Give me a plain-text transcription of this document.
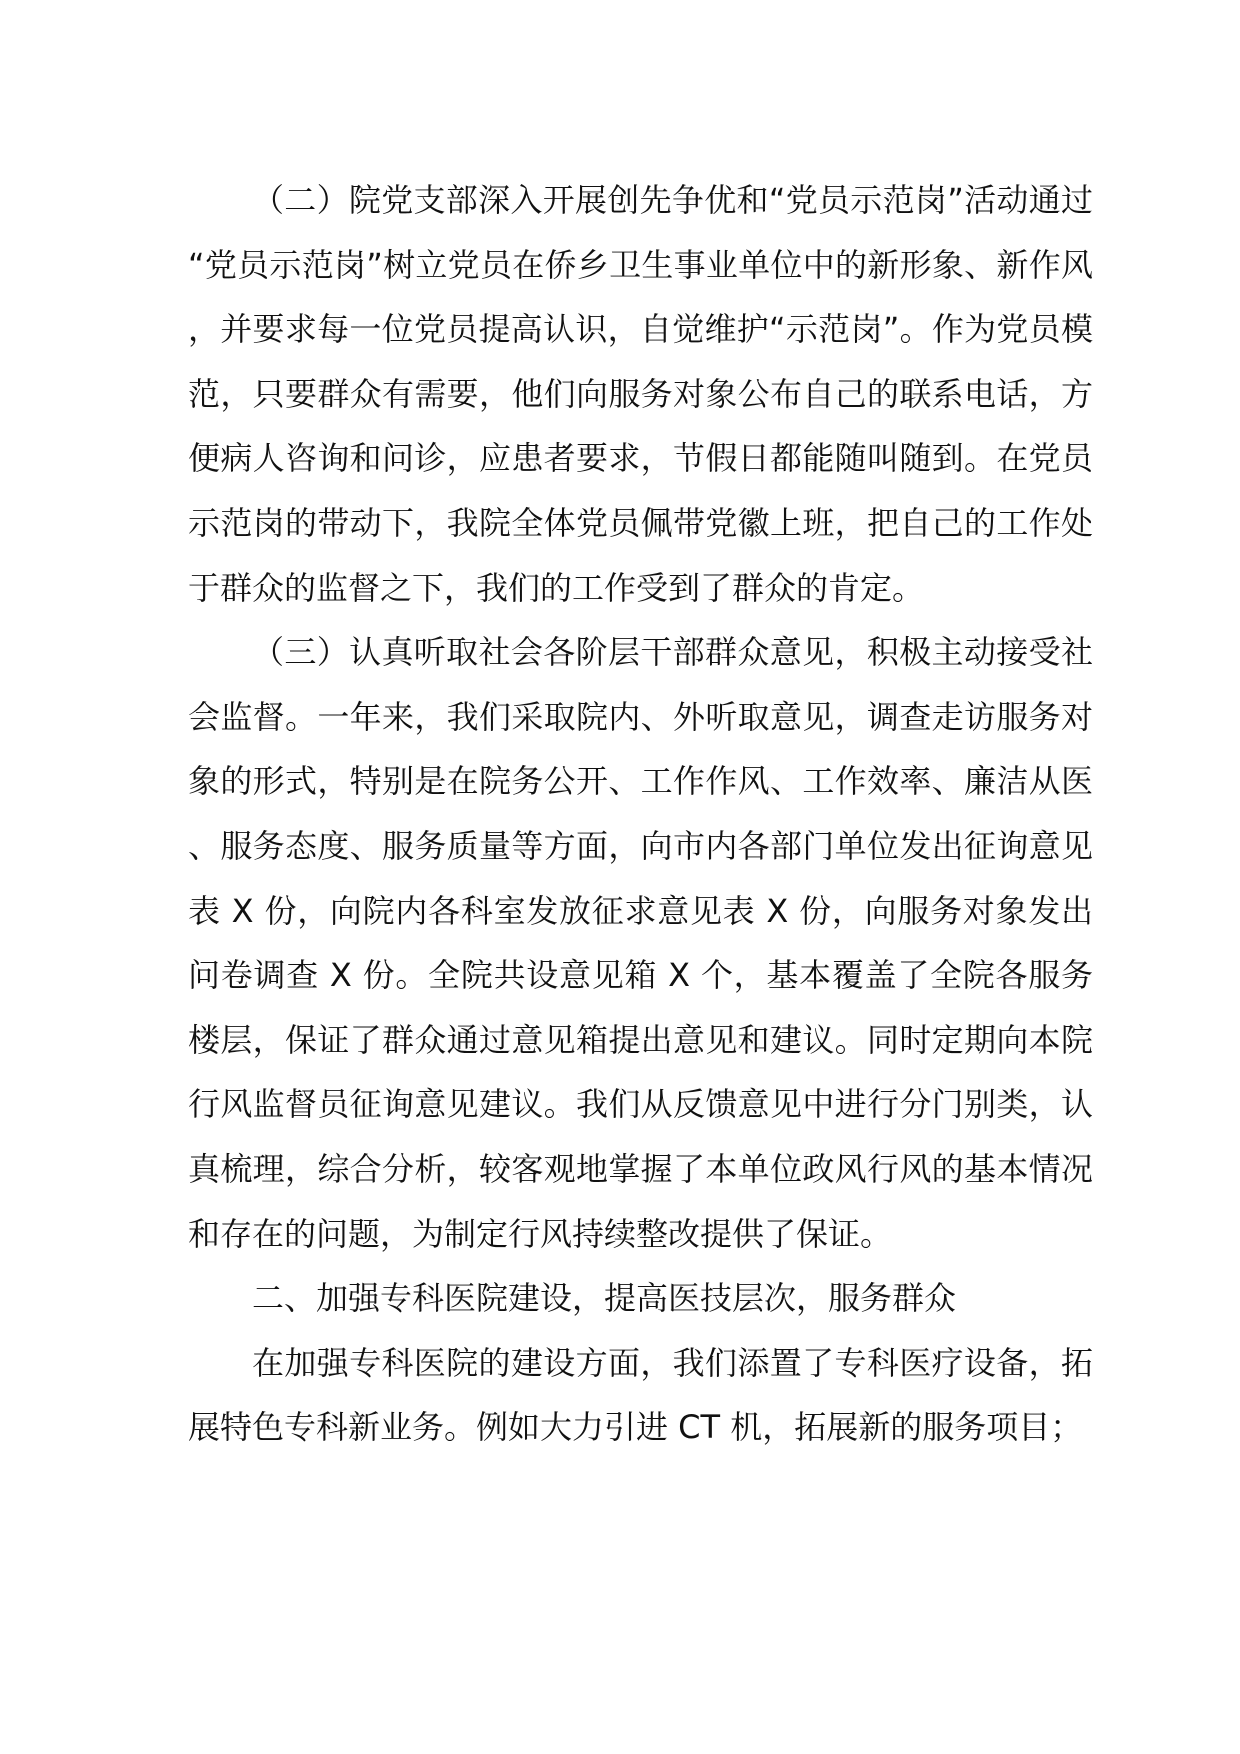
（二）院党支部深入开展创先争优和“党员示范岗”活动通过“党员示范岗”树立党员在侨乡卫生事业单位中的新形象、新作风，并要求每一位党员提高认识，自觉维护“示范岗”。作为党员模范，只要群众有需要，他们向服务对象公布自己的联系电话，方便病人咨询和问诊，应患者要求，节假日都能随叫随到。在党员示范岗的带动下，我院全体党员佩带党徽上班，把自己的工作处于群众的监督之下，我们的工作受到了群众的肯定。

（三）认真听取社会各阶层干部群众意见，积极主动接受社会监督。一年来，我们采取院内、外听取意见，调查走访服务对象的形式，特别是在院务公开、工作作风、工作效率、廉洁从医、服务态度、服务质量等方面，向市内各部门单位发出征询意见表 X 份，向院内各科室发放征求意见表 X 份，向服务对象发出问卷调查 X 份。全院共设意见箱 X 个，基本覆盖了全院各服务楼层，保证了群众通过意见箱提出意见和建议。同时定期向本院行风监督员征询意见建议。我们从反馈意见中进行分门别类，认真梳理，综合分析，较客观地掌握了本单位政风行风的基本情况和存在的问题，为制定行风持续整改提供了保证。

二、加强专科医院建设，提高医技层次，服务群众

在加强专科医院的建设方面，我们添置了专科医疗设备，拓展特色专科新业务。例如大力引进 CT 机，拓展新的服务项目；
